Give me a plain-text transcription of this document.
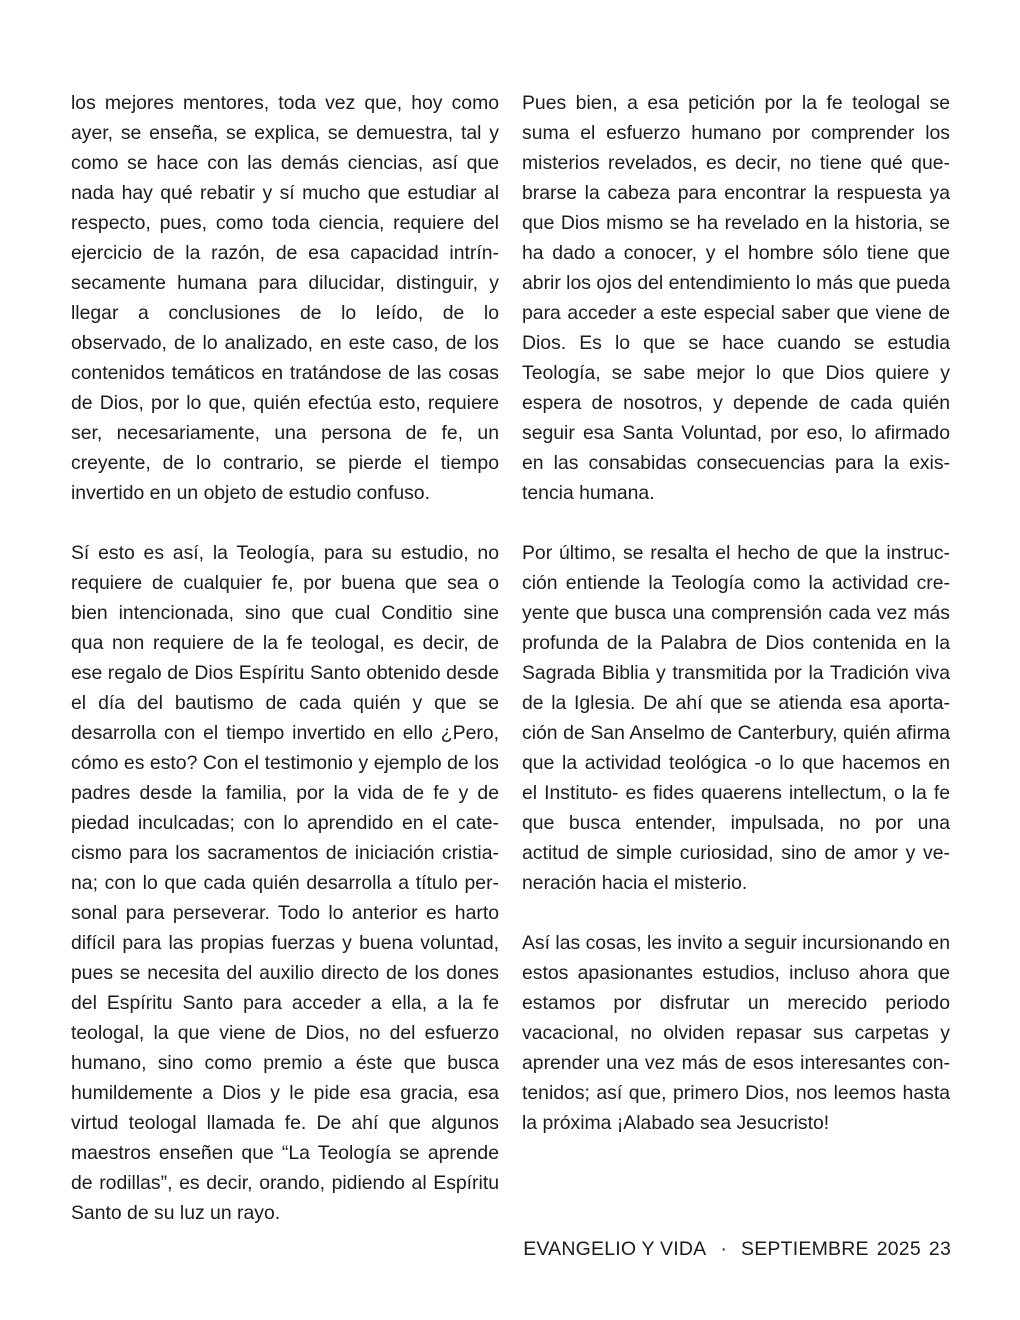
los mejores mentores, toda vez que, hoy como ayer, se enseña, se explica, se demuestra, tal y como se hace con las demás ciencias, así que nada hay qué rebatir y sí mucho que estudiar al respecto, pues, como toda ciencia, requiere del ejercicio de la razón, de esa capacidad intrínsecamente humana para dilucidar, distinguir, y llegar a conclusiones de lo leído, de lo observado, de lo analizado, en este caso, de los contenidos temáticos en tratándose de las cosas de Dios, por lo que, quién efectúa esto, requiere ser, necesariamente, una persona de fe, un creyente, de lo contrario, se pierde el tiempo invertido en un objeto de estudio confuso.

Sí esto es así, la Teología, para su estudio, no requiere de cualquier fe, por buena que sea o bien intencionada, sino que cual Conditio sine qua non requiere de la fe teologal, es decir, de ese regalo de Dios Espíritu Santo obtenido desde el día del bautismo de cada quién y que se desarrolla con el tiempo invertido en ello ¿Pero, cómo es esto? Con el testimonio y ejemplo de los padres desde la familia, por la vida de fe y de piedad inculcadas; con lo aprendido en el catecismo para los sacramentos de iniciación cristiana; con lo que cada quién desarrolla a título personal para perseverar. Todo lo anterior es harto difícil para las propias fuerzas y buena voluntad, pues se necesita del auxilio directo de los dones del Espíritu Santo para acceder a ella, a la fe teologal, la que viene de Dios, no del esfuerzo humano, sino como premio a éste que busca humildemente a Dios y le pide esa gracia, esa virtud teologal llamada fe. De ahí que algunos maestros enseñen que “La Teología se aprende de rodillas”, es decir, orando, pidiendo al Espíritu Santo de su luz un rayo.

Pues bien, a esa petición por la fe teologal se suma el esfuerzo humano por comprender los misterios revelados, es decir, no tiene qué quebrarse la cabeza para encontrar la respuesta ya que Dios mismo se ha revelado en la historia, se ha dado a conocer, y el hombre sólo tiene que abrir los ojos del entendimiento lo más que pueda para acceder a este especial saber que viene de Dios. Es lo que se hace cuando se estudia Teología, se sabe mejor lo que Dios quiere y espera de nosotros, y depende de cada quién seguir esa Santa Voluntad, por eso, lo afirmado en las consabidas consecuencias para la existencia humana.

Por último, se resalta el hecho de que la instrucción entiende la Teología como la actividad creyente que busca una comprensión cada vez más profunda de la Palabra de Dios contenida en la Sagrada Biblia y transmitida por la Tradición viva de la Iglesia. De ahí que se atienda esa aportación de San Anselmo de Canterbury, quién afirma que la actividad teológica -o lo que hacemos en el Instituto- es fides quaerens intellectum, o la fe que busca entender, impulsada, no por una actitud de simple curiosidad, sino de amor y veneración hacia el misterio.

Así las cosas, les invito a seguir incursionando en estos apasionantes estudios, incluso ahora que estamos por disfrutar un merecido periodo vacacional, no olviden repasar sus carpetas y aprender una vez más de esos interesantes contenidos; así que, primero Dios, nos leemos hasta la próxima ¡Alabado sea Jesucristo!

EVANGELIO Y VIDA · SEPTIEMBRE 2025 23
